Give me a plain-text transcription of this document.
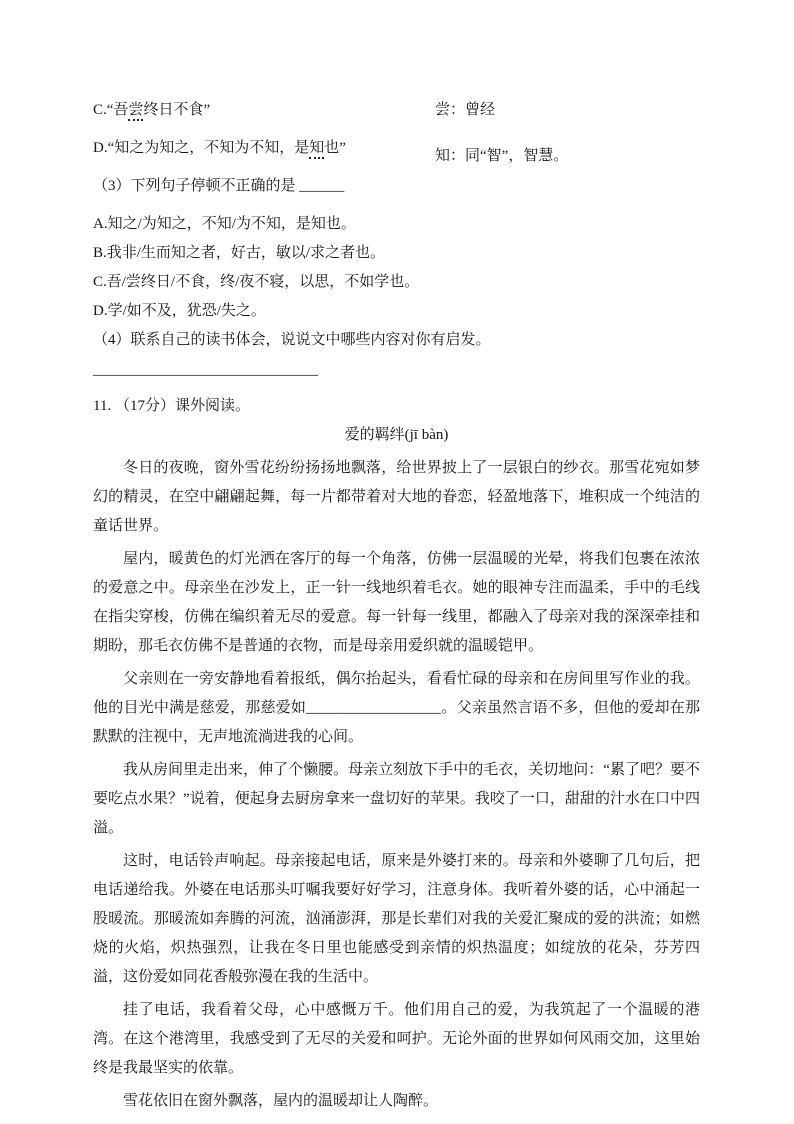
C.“吾尝终日不食”	尝：曾经
D.“知之为知之，不知为不知，是知也”	知：同“智”，智慧。
（3）下列句子停顿不正确的是 ______

A.知之/为知之，不知/为不知，是知也。

B.我非/生而知之者，好古，敏以/求之者也。

C.吾/尝终日/不食，终/夜不寝，以思，不如学也。

D.学/如不及，犹恐/失之。

（4）联系自己的读书体会，说说文中哪些内容对你有启发。

______________________________

11. （17分）课外阅读。

爱的羁绊(jī bàn)

冬日的夜晚，窗外雪花纷纷扬扬地飘落，给世界披上了一层银白的纱衣。那雪花宛如梦幻的精灵，在空中翩翩起舞，每一片都带着对大地的眷恋，轻盈地落下，堆积成一个纯洁的童话世界。

屋内，暖黄色的灯光洒在客厅的每一个角落，仿佛一层温暖的光晕，将我们包裹在浓浓的爱意之中。母亲坐在沙发上，正一针一线地织着毛衣。她的眼神专注而温柔，手中的毛线在指尖穿梭，仿佛在编织着无尽的爱意。每一针每一线里，都融入了母亲对我的深深牵挂和期盼，那毛衣仿佛不是普通的衣物，而是母亲用爱织就的温暖铠甲。

父亲则在一旁安静地看着报纸，偶尔抬起头，看看忙碌的母亲和在房间里写作业的我。他的目光中满是慈爱，那慈爱如__________________。父亲虽然言语不多，但他的爱却在那默默的注视中，无声地流淌进我的心间。

我从房间里走出来，伸了个懒腰。母亲立刻放下手中的毛衣，关切地问：“累了吧？要不要吃点水果？”说着，便起身去厨房拿来一盘切好的苹果。我咬了一口，甜甜的汁水在口中四溢。

这时，电话铃声响起。母亲接起电话，原来是外婆打来的。母亲和外婆聊了几句后，把电话递给我。外婆在电话那头叮嘱我要好好学习，注意身体。我听着外婆的话，心中涌起一股暖流。那暖流如奔腾的河流，汹涌澎湃，那是长辈们对我的关爱汇聚成的爱的洪流；如燃烧的火焰，炽热强烈，让我在冬日里也能感受到亲情的炽热温度；如绽放的花朵，芬芳四溢，这份爱如同花香般弥漫在我的生活中。

挂了电话，我看着父母，心中感慨万千。他们用自己的爱，为我筑起了一个温暖的港湾。在这个港湾里，我感受到了无尽的关爱和呵护。无论外面的世界如何风雨交加，这里始终是我最坚实的依靠。

雪花依旧在窗外飘落，屋内的温暖却让人陶醉。
